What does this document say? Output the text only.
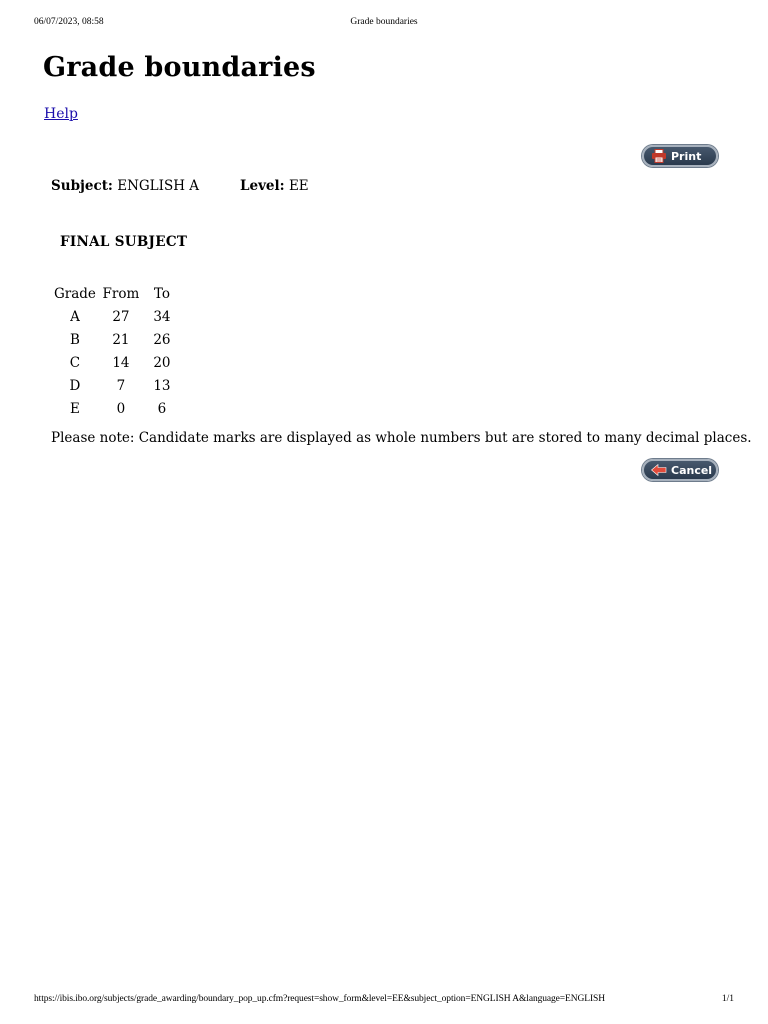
06/07/2023, 08:58	Grade boundaries
Grade boundaries
Help
Print
Subject: ENGLISH A	Level: EE
FINAL SUBJECT
Grade	From	To
A	27	34
B	21	26
C	14	20
D	7	13
E	0	6
Please note: Candidate marks are displayed as whole numbers but are stored to many decimal places.
Cancel
https://ibis.ibo.org/subjects/grade_awarding/boundary_pop_up.cfm?request=show_form&level=EE&subject_option=ENGLISH A&language=ENGLISH	1/1
